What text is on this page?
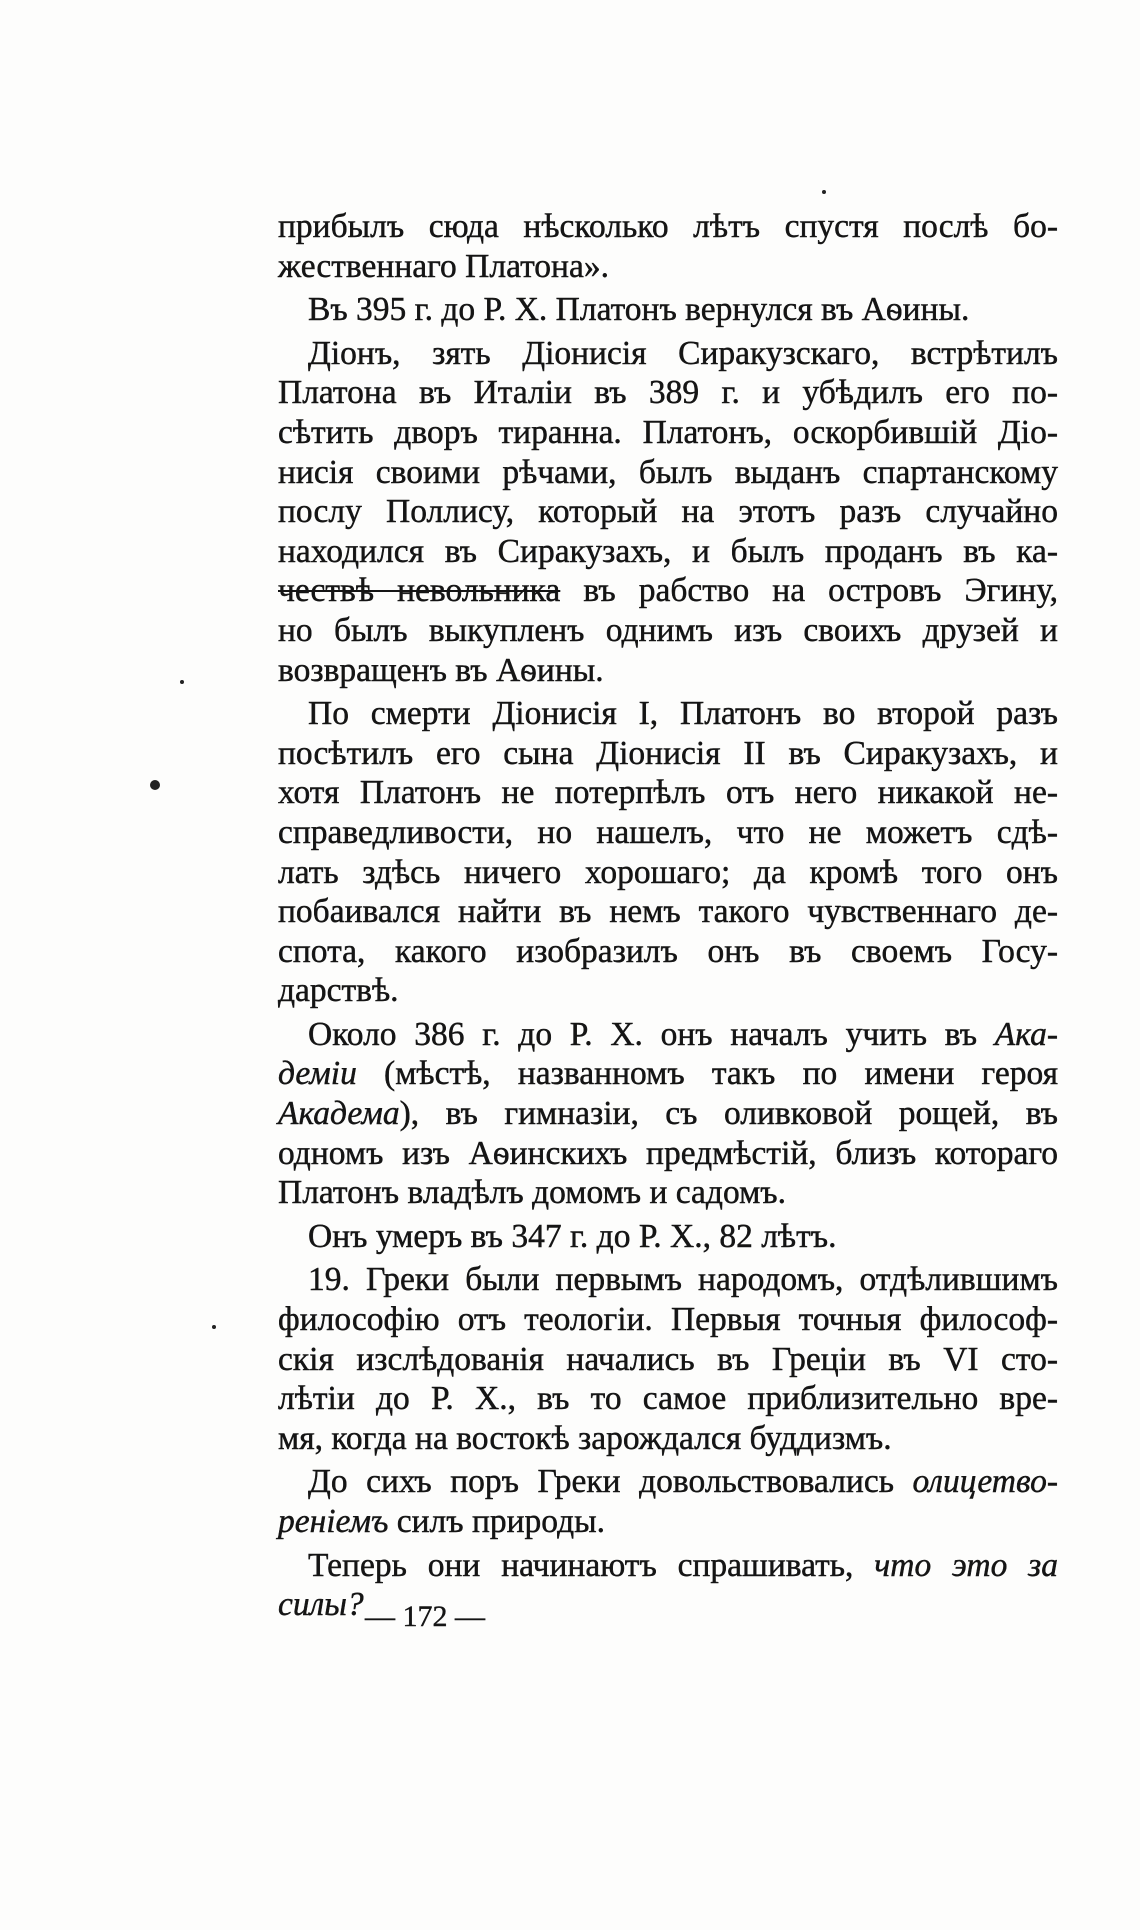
прибылъ сюда нѣсколько лѣтъ спустя послѣ бо-
жественнаго Платона».
Въ 395 г. до Р. X. Платонъ вернулся въ Аѳины.
Діонъ, зять Діонисія Сиракузскаго, встрѣтилъ
Платона въ Италіи въ 389 г. и убѣдилъ его по-
сѣтить дворъ тиранна. Платонъ, оскорбившій Діо-
нисія своими рѣчами, былъ выданъ спартанскому
послу Поллису, который на этотъ разъ случайно
находился въ Сиракузахъ, и былъ проданъ въ ка-
чествѣ невольника въ рабство на островъ Эгину,
но былъ выкупленъ однимъ изъ своихъ друзей и
возвращенъ въ Аѳины.
По смерти Діонисія I, Платонъ во второй разъ
посѣтилъ его сына Діонисія II въ Сиракузахъ, и
хотя Платонъ не потерпѣлъ отъ него никакой не-
справедливости, но нашелъ, что не можетъ сдѣ-
лать здѣсь ничего хорошаго; да кромѣ того онъ
побаивался найти въ немъ такого чувственнаго де-
спота, какого изобразилъ онъ въ своемъ Госу-
дарствѣ.
Около 386 г. до Р. X. онъ началъ учить въ Ака-
деміи (мѣстѣ, названномъ такъ по имени героя
Академа), въ гимназіи, съ оливковой рощей, въ
одномъ изъ Аѳинскихъ предмѣстій, близъ котораго
Платонъ владѣлъ домомъ и садомъ.
Онъ умеръ въ 347 г. до Р. X., 82 лѣтъ.
19. Греки были первымъ народомъ, отдѣлившимъ
философію отъ теологіи. Первыя точныя философ-
скія изслѣдованія начались въ Греціи въ VI сто-
лѣтіи до Р. X., въ то самое приблизительно вре-
мя, когда на востокѣ зарождался буддизмъ.
До сихъ поръ Греки довольствовались олицетво-
реніемъ силъ природы.
Теперь они начинаютъ спрашивать, что это за
силы? — 172 —
